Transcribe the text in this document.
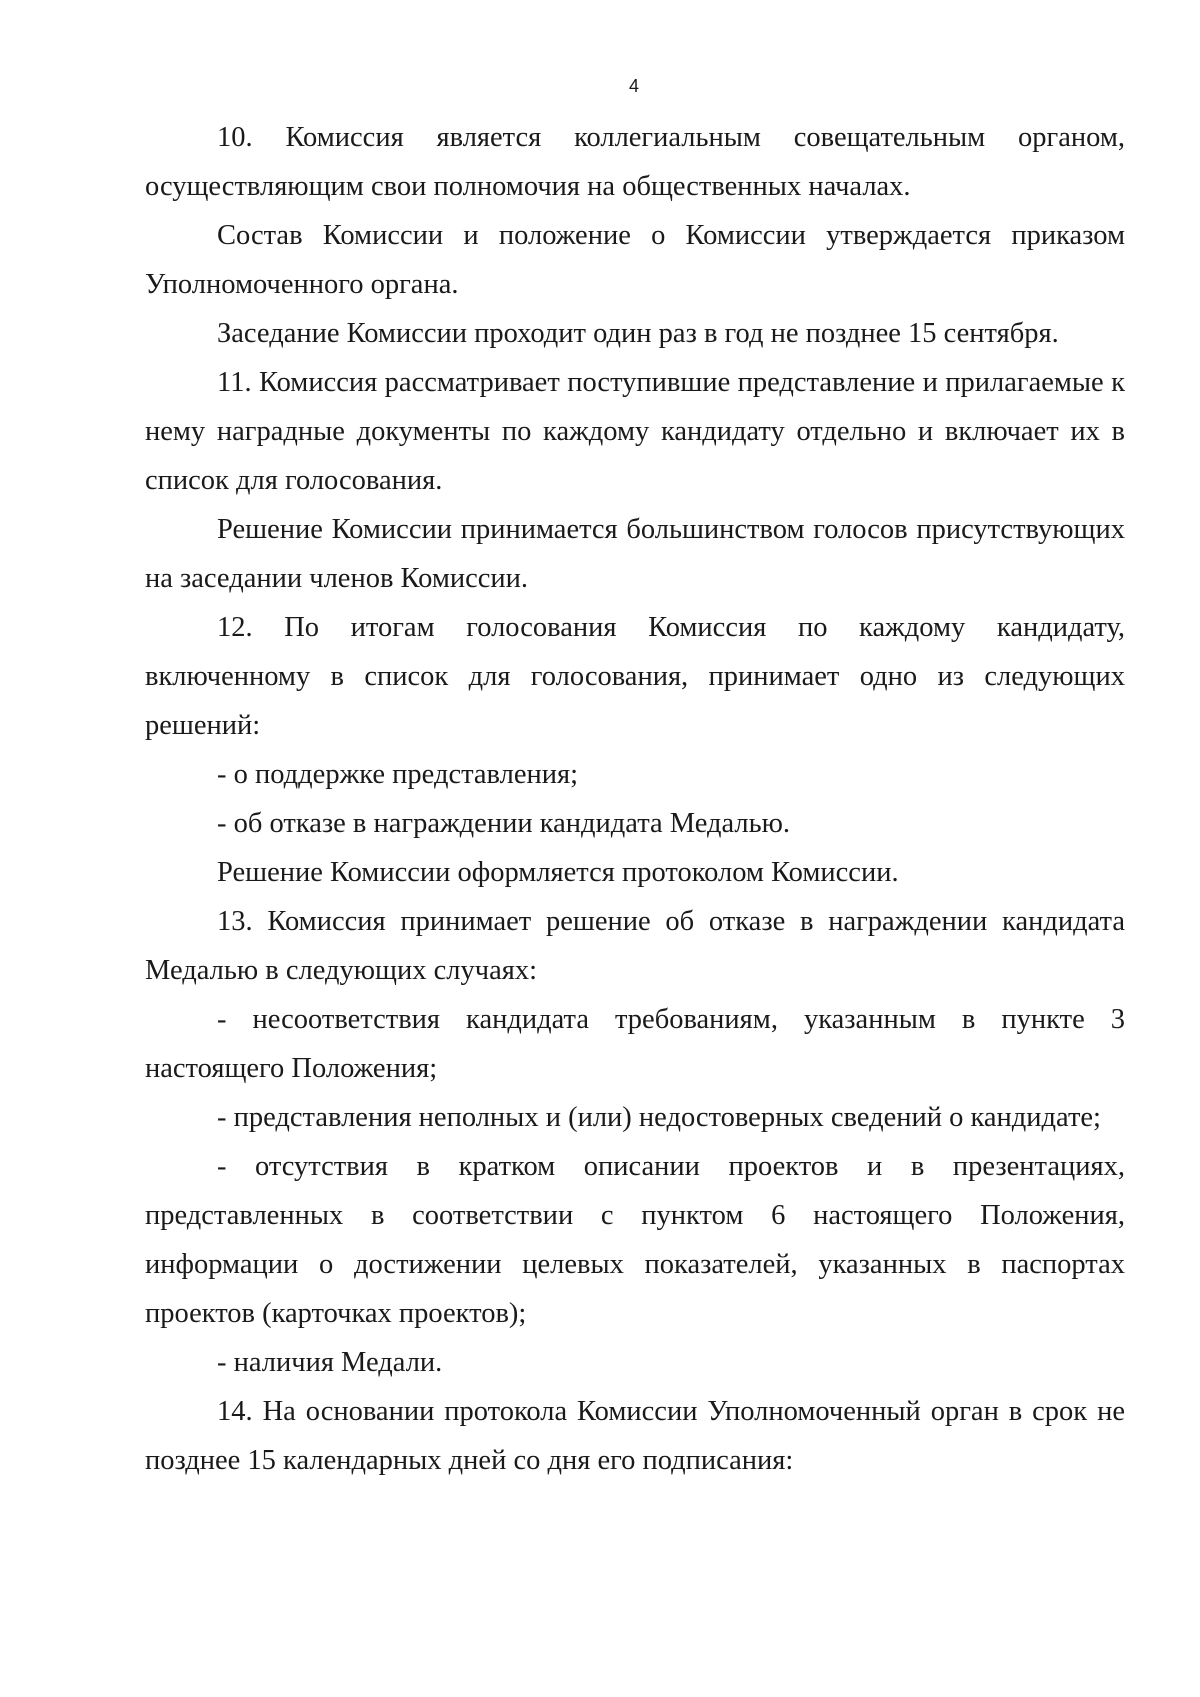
4

10. Комиссия является коллегиальным совещательным органом, осуществляющим свои полномочия на общественных началах.

Состав Комиссии и положение о Комиссии утверждается приказом Уполномоченного органа.

Заседание Комиссии проходит один раз в год не позднее 15 сентября.

11. Комиссия рассматривает поступившие представление и прилагаемые к нему наградные документы по каждому кандидату отдельно и включает их в список для голосования.

Решение Комиссии принимается большинством голосов присутствующих на заседании членов Комиссии.

12. По итогам голосования Комиссия по каждому кандидату, включенному в список для голосования, принимает одно из следующих решений:

- о поддержке представления;

- об отказе в награждении кандидата Медалью.

Решение Комиссии оформляется протоколом Комиссии.

13. Комиссия принимает решение об отказе в награждении кандидата Медалью в следующих случаях:

- несоответствия кандидата требованиям, указанным в пункте 3 настоящего Положения;

- представления неполных и (или) недостоверных сведений о кандидате;

- отсутствия в кратком описании проектов и в презентациях, представленных в соответствии с пунктом 6 настоящего Положения, информации о достижении целевых показателей, указанных в паспортах проектов (карточках проектов);

- наличия Медали.

14. На основании протокола Комиссии Уполномоченный орган в срок не позднее 15 календарных дней со дня его подписания:
